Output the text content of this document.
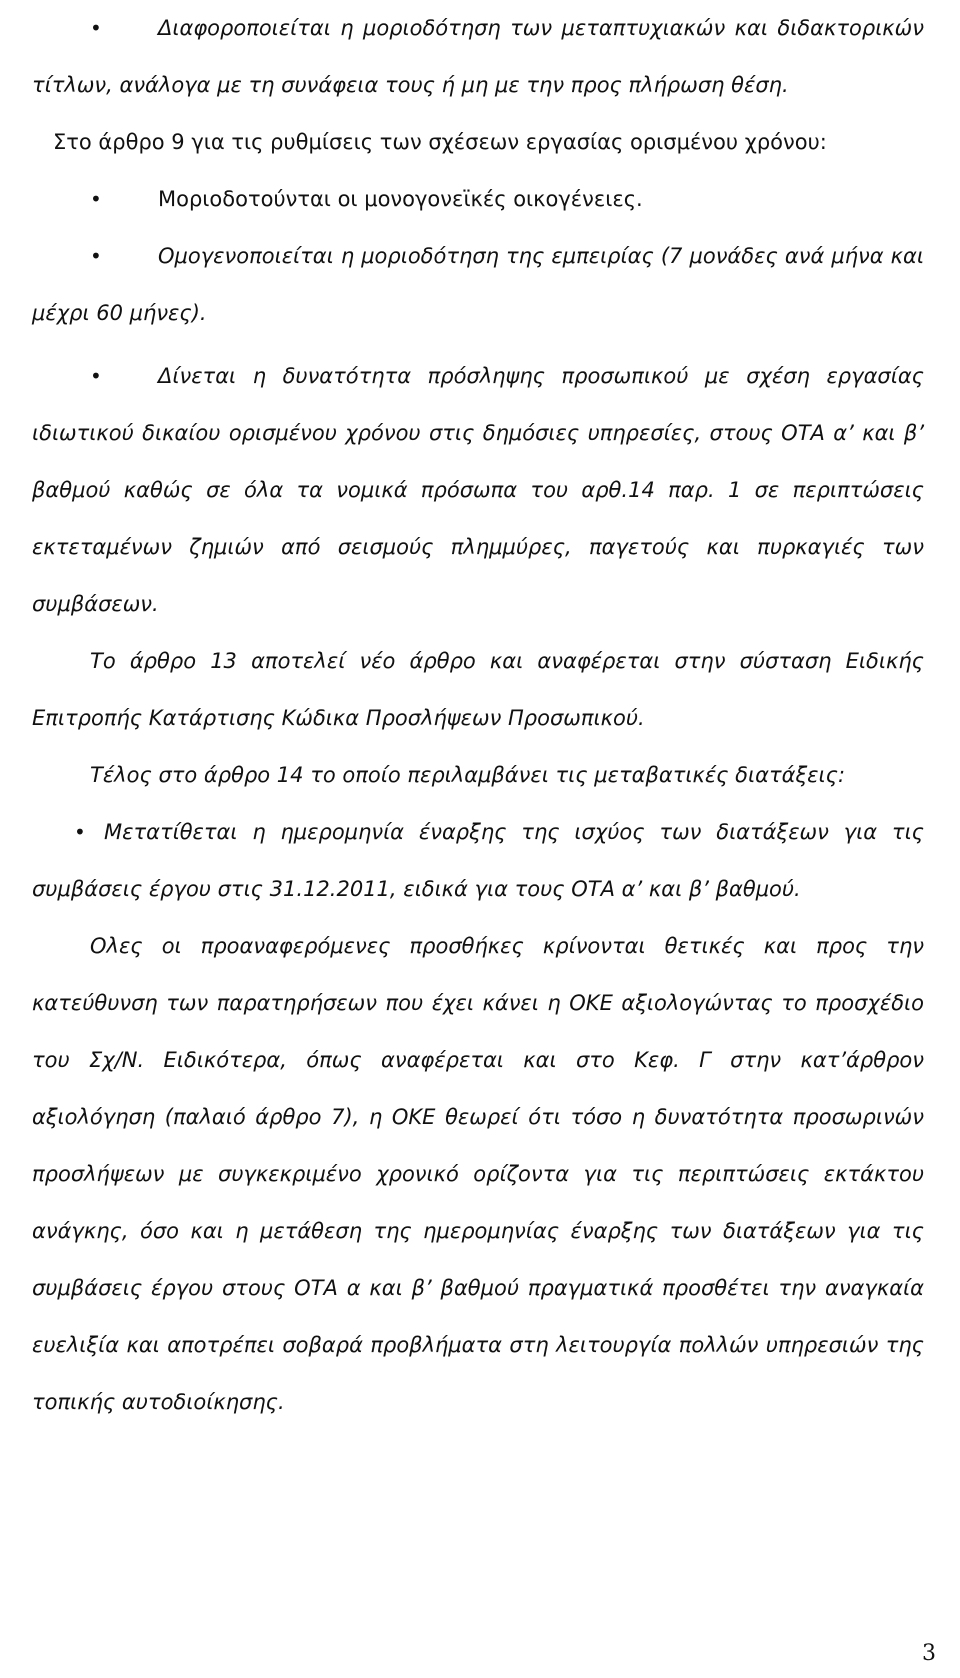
• Διαφοροποιείται η μοριοδότηση των μεταπτυχιακών και διδακτορικών τίτλων, ανάλογα με τη συνάφεια τους ή μη με την προς πλήρωση θέση.

Στο άρθρο 9 για τις ρυθμίσεις των σχέσεων εργασίας ορισμένου χρόνου:

• Μοριοδοτούνται οι μονογονεϊκές οικογένειες.

• Ομογενοποιείται η μοριοδότηση της εμπειρίας (7 μονάδες ανά μήνα και μέχρι 60 μήνες).

• Δίνεται η δυνατότητα πρόσληψης προσωπικού με σχέση εργασίας ιδιωτικού δικαίου ορισμένου χρόνου στις δημόσιες υπηρεσίες, στους ΟΤΑ α’ και β’ βαθμού καθώς σε όλα τα νομικά πρόσωπα του αρθ.14 παρ. 1 σε περιπτώσεις εκτεταμένων ζημιών από σεισμούς πλημμύρες, παγετούς και πυρκαγιές των συμβάσεων.

Το άρθρο 13 αποτελεί νέο άρθρο και αναφέρεται στην σύσταση Ειδικής Επιτροπής Κατάρτισης Κώδικα Προσλήψεων Προσωπικού.

Τέλος στο άρθρο 14 το οποίο περιλαμβάνει τις μεταβατικές διατάξεις:

• Μετατίθεται η ημερομηνία έναρξης της ισχύος των διατάξεων για τις συμβάσεις έργου στις 31.12.2011, ειδικά για τους ΟΤΑ α’ και β’ βαθμού.

Ολες οι προαναφερόμενες προσθήκες κρίνονται θετικές και προς την κατεύθυνση των παρατηρήσεων που έχει κάνει η ΟΚΕ αξιολογώντας το προσχέδιο του Σχ/Ν. Ειδικότερα, όπως αναφέρεται και στο Κεφ. Γ στην κατ’άρθρον αξιολόγηση (παλαιό άρθρο 7), η ΟΚΕ θεωρεί ότι τόσο η δυνατότητα προσωρινών προσλήψεων με συγκεκριμένο χρονικό ορίζοντα για τις περιπτώσεις εκτάκτου ανάγκης, όσο και η μετάθεση της ημερομηνίας έναρξης των διατάξεων για τις συμβάσεις έργου στους ΟΤΑ α και β’ βαθμού πραγματικά προσθέτει την αναγκαία ευελιξία και αποτρέπει σοβαρά προβλήματα στη λειτουργία πολλών υπηρεσιών της τοπικής αυτοδιοίκησης.

3
